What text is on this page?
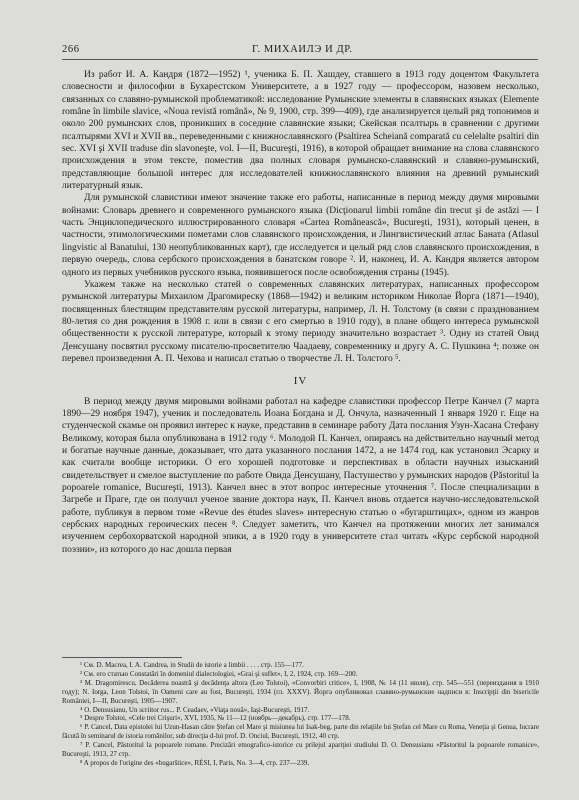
266	Г. МИХАИЛЭ И ДР.

Из работ И. А. Кандря (1872—1952) ¹, ученика Б. П. Хашдеу, ставшего в 1913 году доцентом Факультета словесности и философии в Бухарестском Университете, а в 1927 году — профессором, назовем несколько, связанных со славяно-румынской проблематикой: исследование Румынские элементы в славянских языках (Elemente române în limbile slavice, «Noua revistă română», № 9, 1900, стр. 399—409), где анализируется целый ряд топонимов и около 200 румынских слов, проникших в соседние славянские языки; Скейская псалтырь в сравнении с другими псалтырями XVI и XVII вв., переведенными с книжнославянского (Psaltirea Scheiană comparată cu celelalte psaltiri din sec. XVI şi XVII traduse din slavoneşte, vol. I—II, Bucureşti, 1916), в которой обращает внимание на слова славянского происхождения в этом тексте, поместив два полных словаря румынско-славянский и славяно-румынский, представляющие большой интерес для исследователей книжнославянского влияния на древний румынский литературный язык.

Для румынской славистики имеют значение также его работы, написанные в период между двумя мировыми войнами: Словарь древнего и современного румынского языка (Dicţionarul limbii române din trecut şi de astăzi — I часть Энциклопедического иллюстрированного словаря «Cartea Românească», Bucureşti, 1931), который ценен, в частности, этимологическими пометами слов славянского происхождения, и Лингвистический атлас Баната (Atlasul lingvistic al Banatului, 130 неопубликованных карт), где исследуется и целый ряд слов славянского происхождения, в первую очередь, слова сербского происхождения в банатском говоре ². И, наконец, И. А. Кандря является автором одного из первых учебников русского языка, появившегося после освобождения страны (1945).

Укажем также на несколько статей о современных славянских литературах, написанных профессором румынской литературы Михаилом Драгомиреску (1868—1942) и великим историком Николае Йорга (1871—1940), посвященных блестящим представителям русской литературы, например, Л. Н. Толстому (в связи с празднованием 80-летия со дня рождения в 1908 г. или в связи с его смертью в 1910 году), в плане общего интереса румынской общественности к русской литературе, который к этому периоду значительно возрастает ³. Одну из статей Овид Денсушану посвятил русскому писателю-просветителю Чаадаеву, современнику и другу А. С. Пушкина ⁴; позже он перевел произведения А. П. Чехова и написал статью о творчестве Л. Н. Толстого ⁵.

IV

В период между двумя мировыми войнами работал на кафедре славистики профессор Петре Канчел (7 марта 1890—29 ноября 1947), ученик и последователь Иоана Богдана и Д. Ончула, назначенный 1 января 1920 г. Еще на студенческой скамье он проявил интерес к науке, представив в семинаре работу Дата послания Узун-Хасана Стефану Великому, которая была опубликована в 1912 году ⁶. Молодой П. Канчел, опираясь на действительно научный метод и богатые научные данные, доказывает, что дата указанного послания 1472, а не 1474 год, как установил Эсарку и как считали вообще историки. О его хорошей подготовке и перспективах в области научных изысканий свидетельствует и смелое выступление по работе Овида Денсушану, Пастушество у румынских народов (Păstoritul la popoarele romanice, Bucureşti, 1913). Канчел внес в этот вопрос интересные уточнения ⁷. После специализации в Загребе и Праге, где он получил ученое звание доктора наук, П. Канчел вновь отдается научно-исследовательской работе, публикуя в первом томе «Revue des études slaves» интересную статью о «бугарштицах», одном из жанров сербских народных героических песен ⁸. Следует заметить, что Канчел на протяжении многих лет занимался изучением сербохорватской народной эпики, а в 1920 году в университете стал читать «Курс сербской народной поэзии», из которого до нас дошла первая

¹ См. D. Macrea, I. A. Candrea, in Studii de istorie a limbii . . . . стр. 155—177.

² См. его статью Constatări în domeniul dialectologiei, «Grai şi suflet», I, 2, 1924, стр. 169—200.

³ M. Dragomirescu, Decăderea noastră şi decădenţa altora (Leo Tolstoi), «Convorbiri critice», I, 1908, № 14 (11 июля), стр. 545—551 (переиздания в 1910 году); N. Iorga, Leon Tolstoi, în Oameni care au fost, Bucureşti, 1934 (гл. XXXV). Йорга опубликовал славяно-румынские надписи в: Inscripţii din bisericile României, I—II, Bucureşti, 1905—1907.

⁴ O. Densusianu, Un scriitor rus... P. Ceadaev, «Viaţa nouă», Iaşi-Bucureşti, 1917.

⁵ Despre Tolstoi, «Cele trei Crişuri», XVI, 1935, № 11—12 (ноябрь—декабрь), стр. 177—178.

⁶ P. Cancel, Data epistolei lui Uzun-Hasan către Ştefan cel Mare şi misiunea lui Isak-beg, parte din relaţiile lui Ştefan cel Mare cu Roma, Veneţia şi Genua, lucrare făcută în seminarul de istoria românilor, sub direcţia d-lui prof. D. Onciul, Bucureşti, 1912, 40 стр.

⁷ P. Cancel, Păstoritul la popoarele romane. Precizări etnografico-istorice cu prilejul apariţiei studiului D. O. Densusianu «Păstoritul la popoarele romanice», Bucureşti, 1913, 27 стр.

⁸ A propos de l'origine des «bugarštice», RÉSI, I, Paris, No. 3—4, стр. 237—239.
